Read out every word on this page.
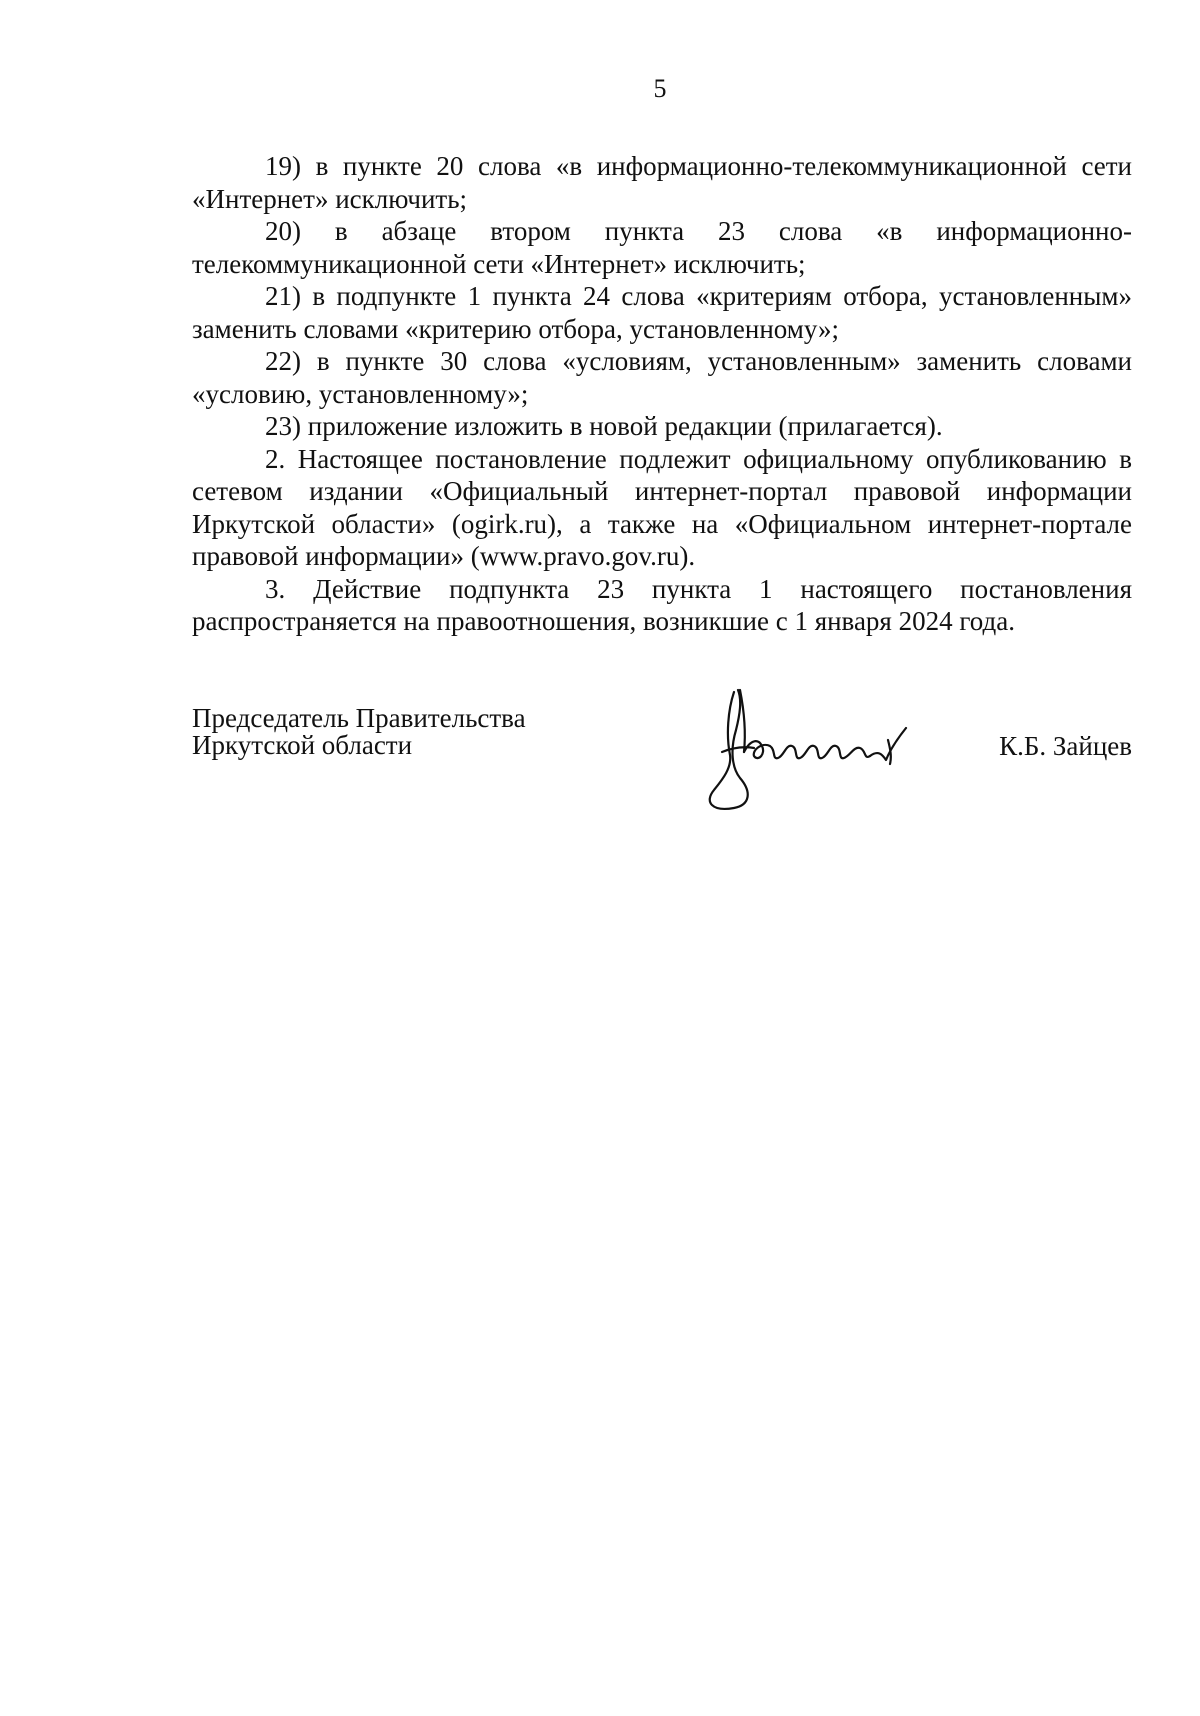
5

19) в пункте 20 слова «в информационно-телекоммуникационной сети «Интернет» исключить;

20) в абзаце втором пункта 23 слова «в информационно-телекоммуникационной сети «Интернет» исключить;

21) в подпункте 1 пункта 24 слова «критериям отбора, установленным» заменить словами «критерию отбора, установленному»;

22) в пункте 30 слова «условиям, установленным» заменить словами «условию, установленному»;

23) приложение изложить в новой редакции (прилагается).

2. Настоящее постановление подлежит официальному опубликованию в сетевом издании «Официальный интернет-портал правовой информации Иркутской области» (ogirk.ru), а также на «Официальном интернет-портале правовой информации» (www.pravo.gov.ru).

3. Действие подпункта 23 пункта 1 настоящего постановления распространяется на правоотношения, возникшие с 1 января 2024 года.

Председатель Правительства
Иркутской области	К.Б. Зайцев
